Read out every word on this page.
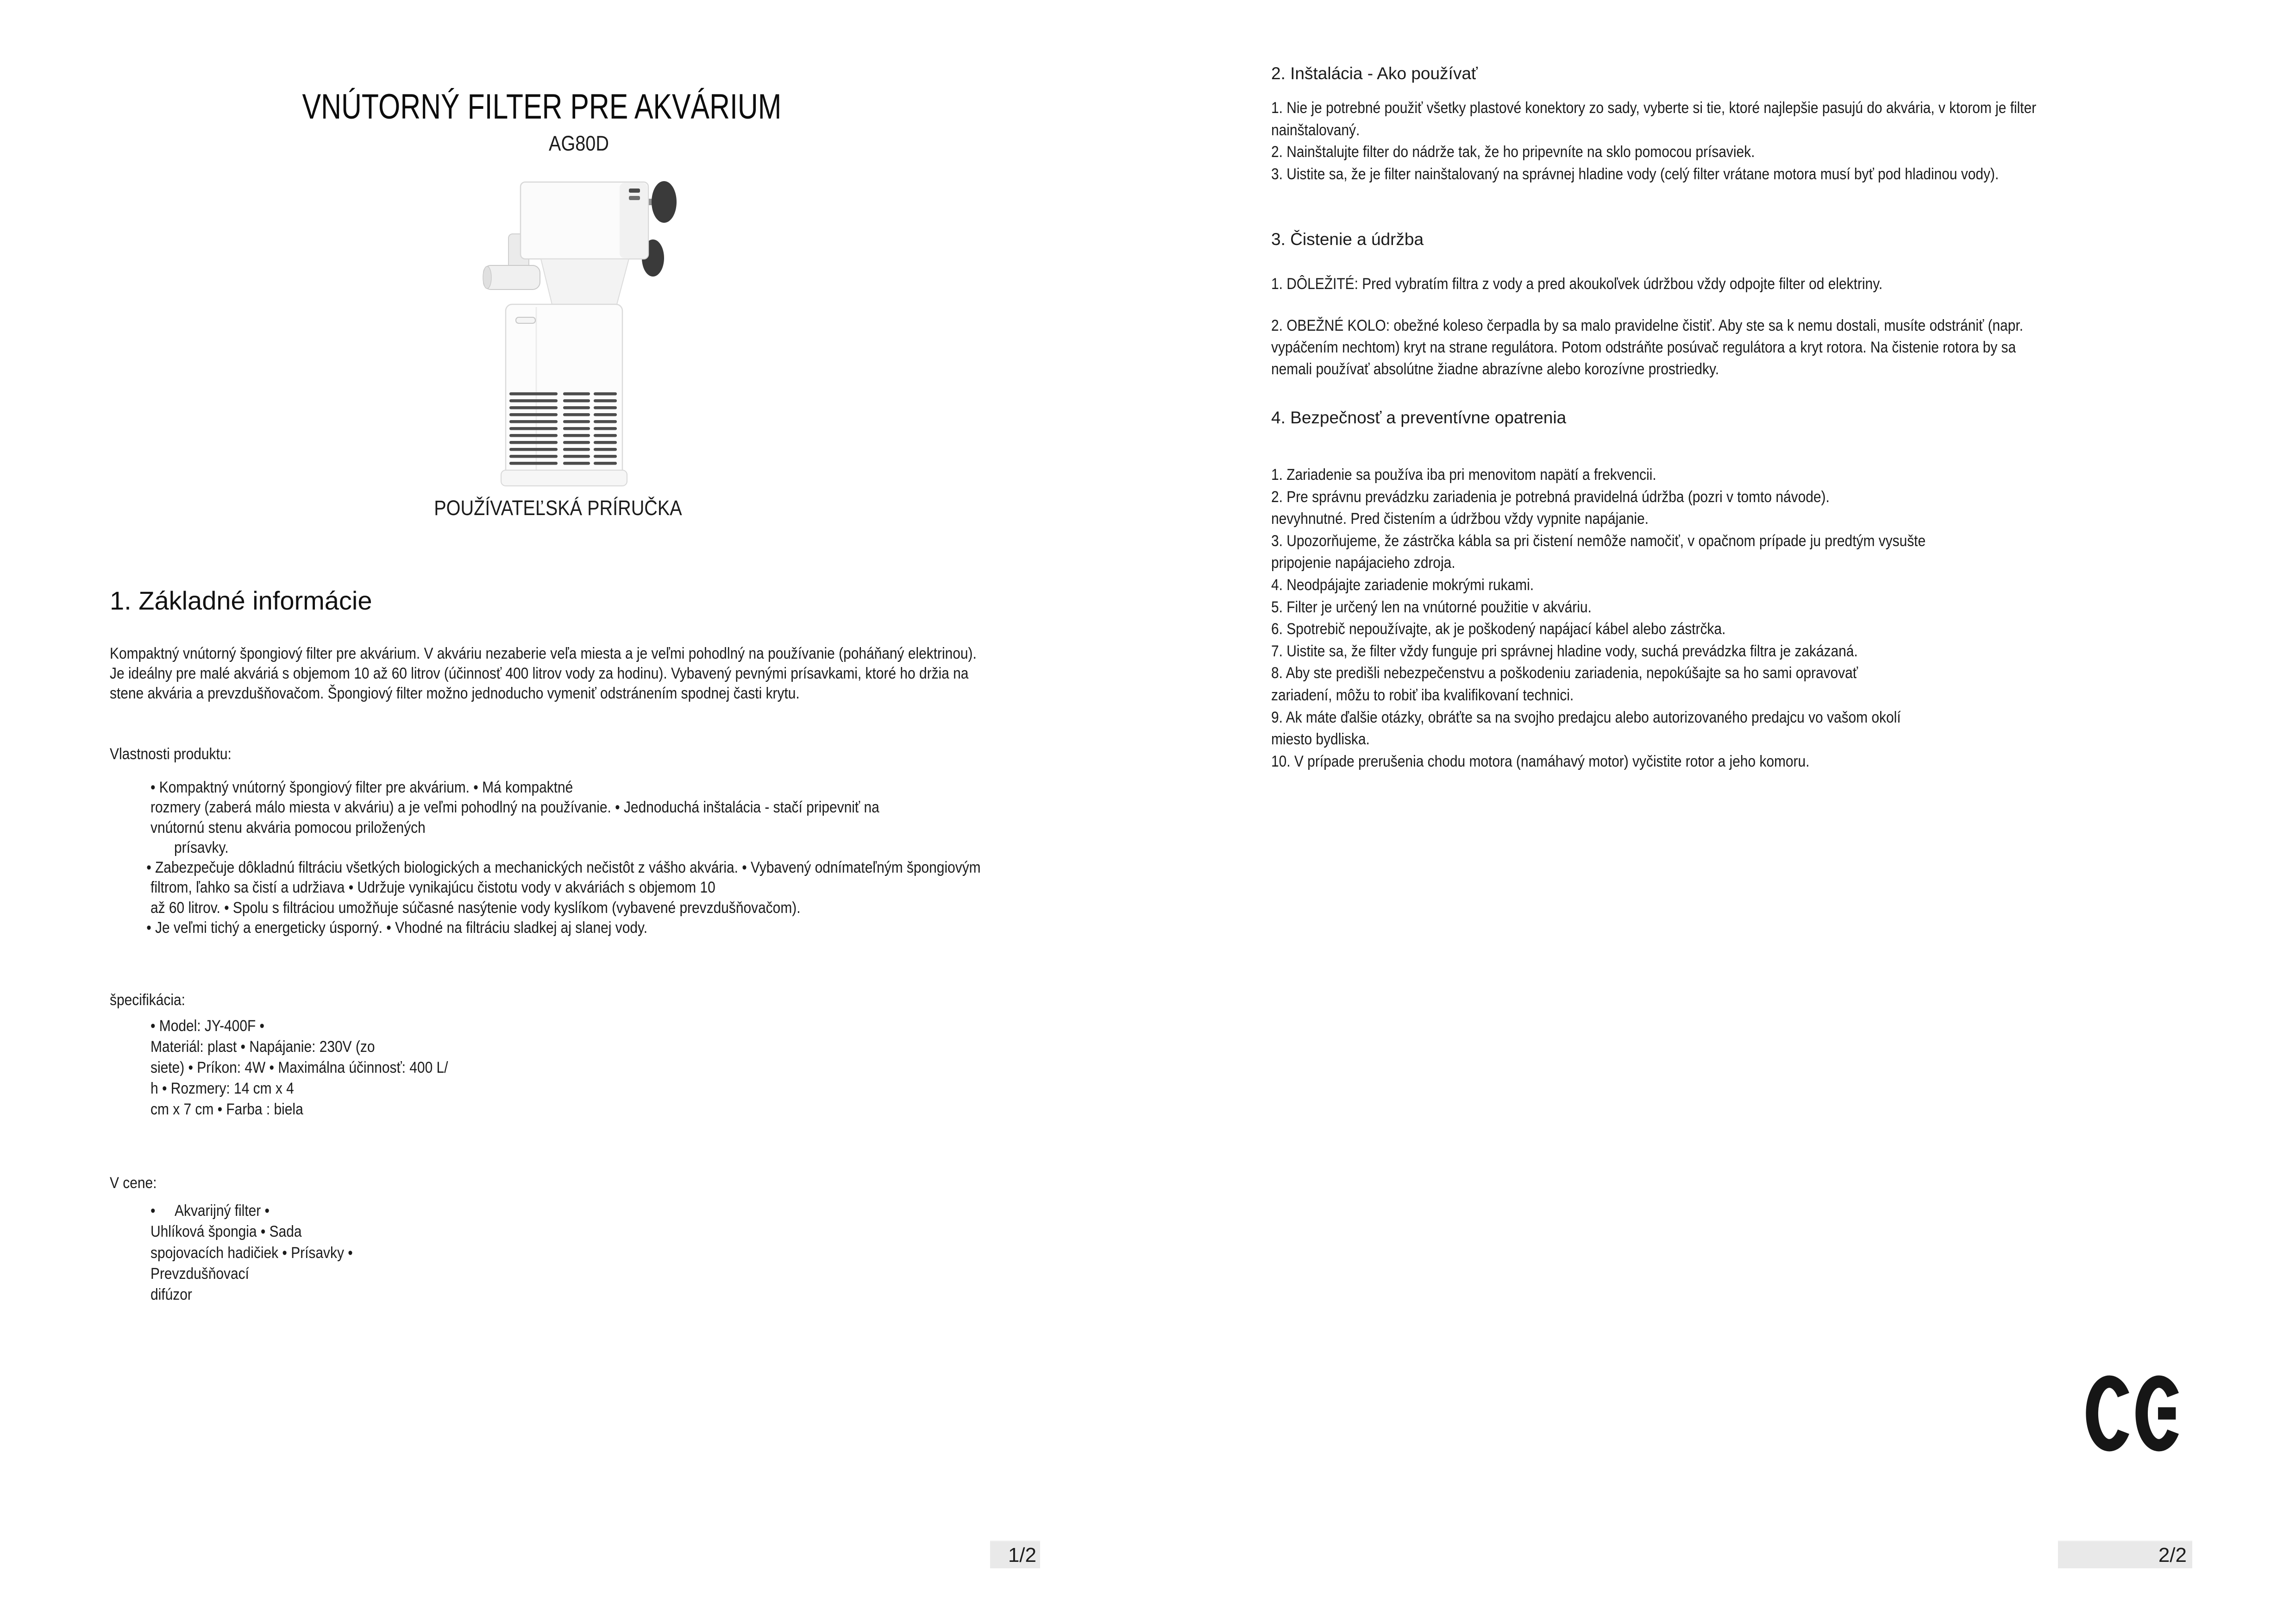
VNÚTORNÝ FILTER PRE AKVÁRIUM
AG80D
POUŽÍVATEĽSKÁ PRÍRUČKA
1. Základné informácie
Kompaktný vnútorný špongiový filter pre akvárium. V akváriu nezaberie veľa miesta a je veľmi pohodlný na používanie (poháňaný elektrinou).
Je ideálny pre malé akváriá s objemom 10 až 60 litrov (účinnosť 400 litrov vody za hodinu). Vybavený pevnými prísavkami, ktoré ho držia na
stene akvária a prevzdušňovačom. Špongiový filter možno jednoducho vymeniť odstránením spodnej časti krytu.
Vlastnosti produktu:
• Kompaktný vnútorný špongiový filter pre akvárium. • Má kompaktné
rozmery (zaberá málo miesta v akváriu) a je veľmi pohodlný na používanie. • Jednoduchá inštalácia - stačí pripevniť na
vnútornú stenu akvária pomocou priložených
prísavky.
• Zabezpečuje dôkladnú filtráciu všetkých biologických a mechanických nečistôt z vášho akvária. • Vybavený odnímateľným špongiovým
filtrom, ľahko sa čistí a udržiava • Udržuje vynikajúcu čistotu vody v akváriách s objemom 10
až 60 litrov. • Spolu s filtráciou umožňuje súčasné nasýtenie vody kyslíkom (vybavené prevzdušňovačom).
• Je veľmi tichý a energeticky úsporný. • Vhodné na filtráciu sladkej aj slanej vody.
špecifikácia:
• Model: JY-400F •
Materiál: plast • Napájanie: 230V (zo
siete) • Príkon: 4W • Maximálna účinnosť: 400 L/
h • Rozmery: 14 cm x 4
cm x 7 cm • Farba : biela
V cene:
•     Akvarijný filter •
Uhlíková špongia • Sada
spojovacích hadičiek • Prísavky •
Prevzdušňovací
difúzor
1/2
2. Inštalácia - Ako používať
1. Nie je potrebné použiť všetky plastové konektory zo sady, vyberte si tie, ktoré najlepšie pasujú do akvária, v ktorom je filter
nainštalovaný.
2. Nainštalujte filter do nádrže tak, že ho pripevníte na sklo pomocou prísaviek.
3. Uistite sa, že je filter nainštalovaný na správnej hladine vody (celý filter vrátane motora musí byť pod hladinou vody).
3. Čistenie a údržba
1. DÔLEŽITÉ: Pred vybratím filtra z vody a pred akoukoľvek údržbou vždy odpojte filter od elektriny.
2. OBEŽNÉ KOLO: obežné koleso čerpadla by sa malo pravidelne čistiť. Aby ste sa k nemu dostali, musíte odstrániť (napr.
vypáčením nechtom) kryt na strane regulátora. Potom odstráňte posúvač regulátora a kryt rotora. Na čistenie rotora by sa
nemali používať absolútne žiadne abrazívne alebo korozívne prostriedky.
4. Bezpečnosť a preventívne opatrenia
1. Zariadenie sa používa iba pri menovitom napätí a frekvencii.
2. Pre správnu prevádzku zariadenia je potrebná pravidelná údržba (pozri v tomto návode).
nevyhnutné. Pred čistením a údržbou vždy vypnite napájanie.
3. Upozorňujeme, že zástrčka kábla sa pri čistení nemôže namočiť, v opačnom prípade ju predtým vysušte
pripojenie napájacieho zdroja.
4. Neodpájajte zariadenie mokrými rukami.
5. Filter je určený len na vnútorné použitie v akváriu.
6. Spotrebič nepoužívajte, ak je poškodený napájací kábel alebo zástrčka.
7. Uistite sa, že filter vždy funguje pri správnej hladine vody, suchá prevádzka filtra je zakázaná.
8. Aby ste predišli nebezpečenstvu a poškodeniu zariadenia, nepokúšajte sa ho sami opravovať
zariadení, môžu to robiť iba kvalifikovaní technici.
9. Ak máte ďalšie otázky, obráťte sa na svojho predajcu alebo autorizovaného predajcu vo vašom okolí
miesto bydliska.
10. V prípade prerušenia chodu motora (namáhavý motor) vyčistite rotor a jeho komoru.
2/2
